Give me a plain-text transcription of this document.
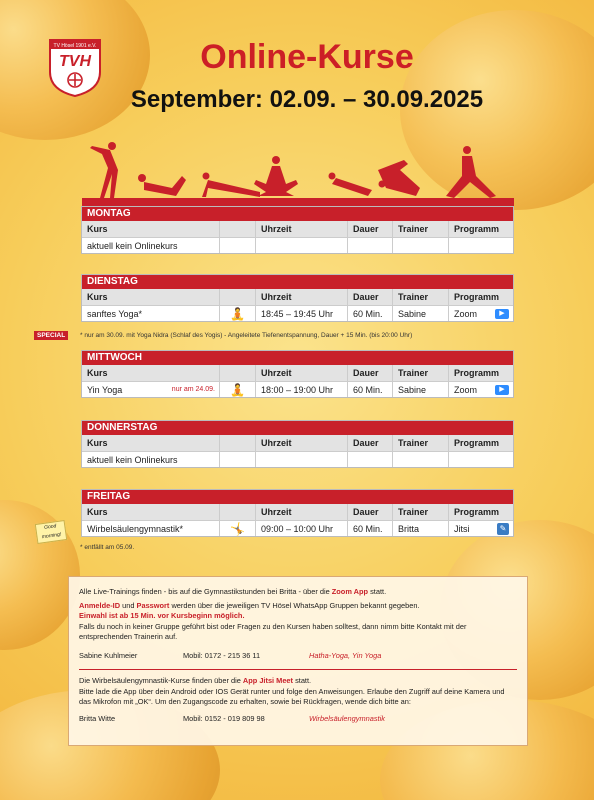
TV Hösel 1901 e.V.
TVH	Online-Kurse
September: 02.09. – 30.09.2025
MONTAG
Kurs	Uhrzeit	Dauer	Trainer	Programm
aktuell kein Onlinekurs
DIENSTAG
Kurs	Uhrzeit	Dauer	Trainer	Programm
sanftes Yoga*	🧘	18:45 – 19:45 Uhr	60 Min.	Sabine	Zoom	▶
SPECIAL	* nur am 30.09. mit Yoga Nidra (Schlaf des Yogis) - Angeleitete Tiefenentspannung, Dauer + 15 Min. (bis 20:00 Uhr)
MITTWOCH
Kurs	Uhrzeit	Dauer	Trainer	Programm
Yin Yoga	nur am 24.09.	🧘	18:00 – 19:00 Uhr	60 Min.	Sabine	Zoom	▶
DONNERSTAG
Kurs	Uhrzeit	Dauer	Trainer	Programm
aktuell kein Onlinekurs
FREITAG
Kurs	Uhrzeit	Dauer	Trainer	Programm
Wirbelsäulengymnastik*	🤸	09:00 – 10:00 Uhr	60 Min.	Britta	Jitsi	✎
Good
morning!
* entfällt am 05.09.
Alle Live-Trainings finden - bis auf die Gymnastikstunden bei Britta - über die Zoom App statt.
Anmelde-ID und Passwort werden über die jeweiligen TV Hösel WhatsApp Gruppen bekannt gegeben.
Einwahl ist ab 15 Min. vor Kursbeginn möglich.
Falls du noch in keiner Gruppe geführt bist oder Fragen zu den Kursen haben solltest, dann nimm bitte Kontakt mit der entsprechenden Trainerin auf.
Sabine Kuhlmeier	Mobil: 0172 - 215 36 11	Hatha-Yoga, Yin Yoga
Die Wirbelsäulengymnastik-Kurse finden über die App Jitsi Meet statt.
Bitte lade die App über dein Android oder IOS Gerät runter und folge den Anweisungen. Erlaube den Zugriff auf deine Kamera und das Mikrofon mit „OK“. Um den Zugangscode zu erhalten, sowie bei Rückfragen, wende dich bitte an:
Britta Witte	Mobil: 0152 - 019 809 98	Wirbelsäulengymnastik
